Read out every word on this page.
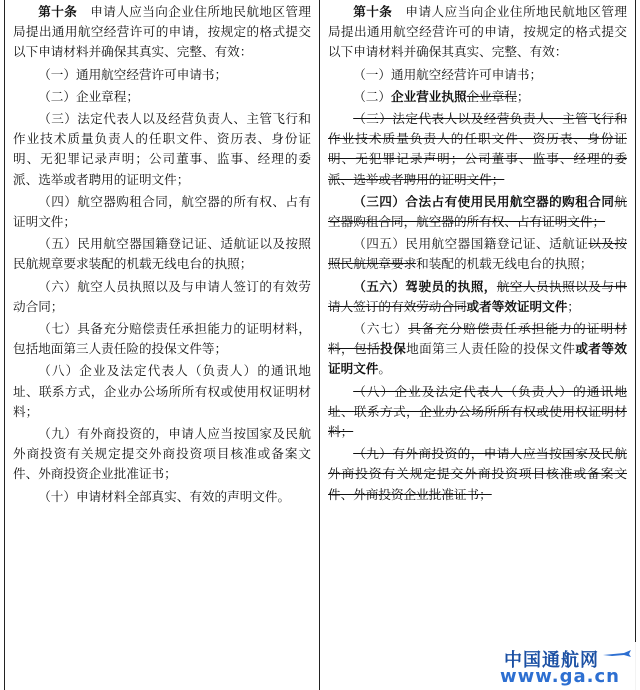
第十条　申请人应当向企业住所地民航地区管理局提出通用航空经营许可的申请，按规定的格式提交以下申请材料并确保其真实、完整、有效：

（一）通用航空经营许可申请书；

（二）企业章程；

（三）法定代表人以及经营负责人、主管飞行和作业技术质量负责人的任职文件、资历表、身份证明、无犯罪记录声明；公司董事、监事、经理的委派、选举或者聘用的证明文件；

（四）航空器购租合同，航空器的所有权、占有证明文件；

（五）民用航空器国籍登记证、适航证以及按照民航规章要求装配的机载无线电台的执照；

（六）航空人员执照以及与申请人签订的有效劳动合同；

（七）具备充分赔偿责任承担能力的证明材料，包括地面第三人责任险的投保文件等；

（八）企业及法定代表人（负责人）的通讯地址、联系方式，企业办公场所所有权或使用权证明材料；

（九）有外商投资的，申请人应当按国家及民航外商投资有关规定提交外商投资项目核准或备案文件、外商投资企业批准证书；

（十）申请材料全部真实、有效的声明文件。

第十条　申请人应当向企业住所地民航地区管理局提出通用航空经营许可的申请，按规定的格式提交以下申请材料并确保其真实、完整、有效：

（一）通用航空经营许可申请书；

（二）企业营业执照企业章程；

（三）法定代表人以及经营负责人、主管飞行和作业技术质量负责人的任职文件、资历表、身份证明、无犯罪记录声明；公司董事、监事、经理的委派、选举或者聘用的证明文件；

（三四）合法占有使用民用航空器的购租合同航空器购租合同，航空器的所有权、占有证明文件；

（四五）民用航空器国籍登记证、适航证以及按照民航规章要求和装配的机载无线电台的执照；

（五六）驾驶员的执照，航空人员执照以及与申请人签订的有效劳动合同或者等效证明文件；

（六七）具备充分赔偿责任承担能力的证明材料，包括投保地面第三人责任险的投保文件或者等效证明文件。

（八）企业及法定代表人（负责人）的通讯地址、联系方式，企业办公场所所有权或使用权证明材料；

（九）有外商投资的，申请人应当按国家及民航外商投资有关规定提交外商投资项目核准或备案文件、外商投资企业批准证书；

中国通航网
www.ga.cn
